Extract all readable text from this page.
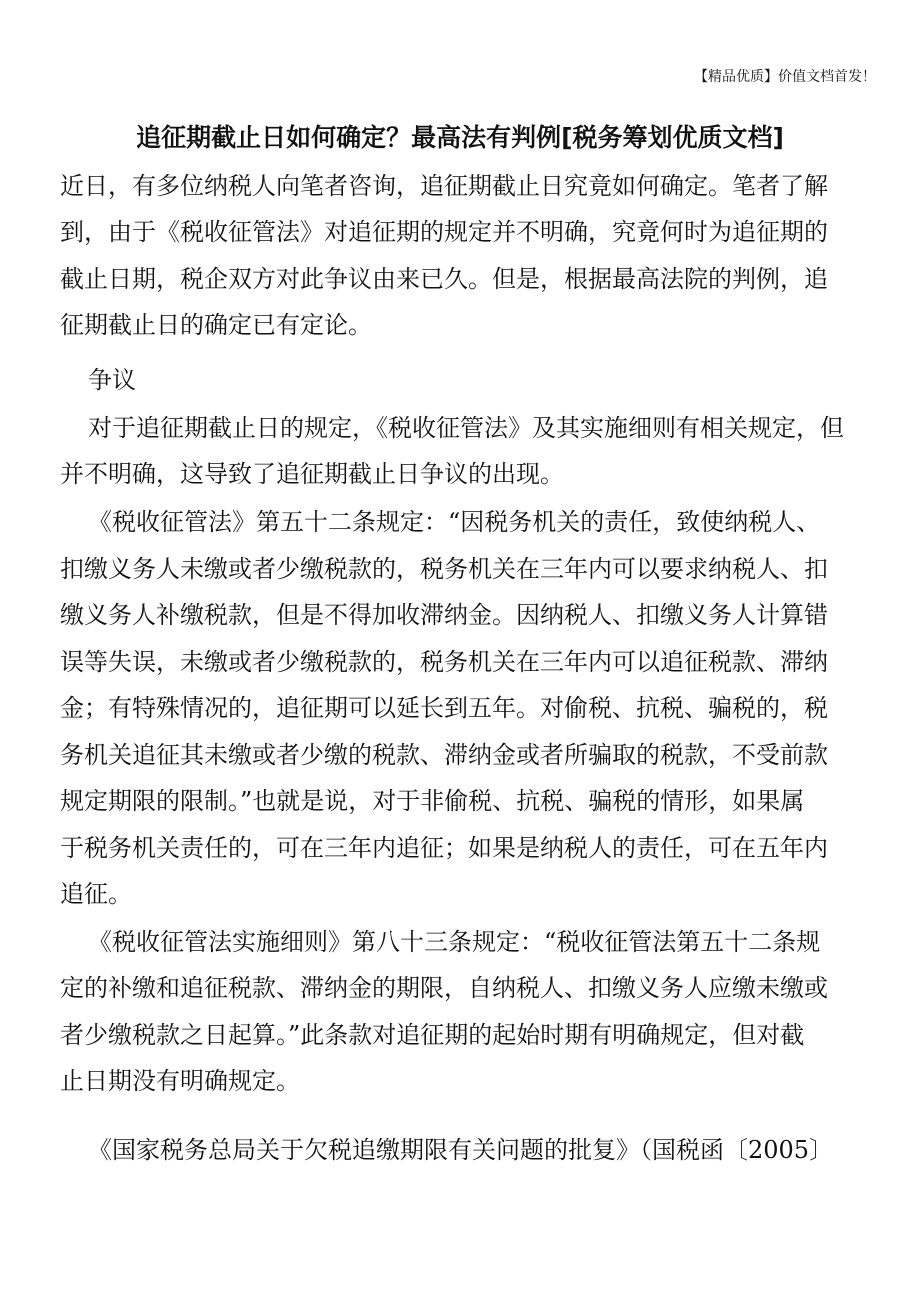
【精品优质】价值文档首发！
追征期截止日如何确定？最高法有判例[税务筹划优质文档]
近日，有多位纳税人向笔者咨询，追征期截止日究竟如何确定。笔者了解
到，由于《税收征管法》对追征期的规定并不明确，究竟何时为追征期的
截止日期，税企双方对此争议由来已久。但是，根据最高法院的判例，追
征期截止日的确定已有定论。
争议
对于追征期截止日的规定，《税收征管法》及其实施细则有相关规定，但
并不明确，这导致了追征期截止日争议的出现。
《税收征管法》第五十二条规定：“因税务机关的责任，致使纳税人、
扣缴义务人未缴或者少缴税款的，税务机关在三年内可以要求纳税人、扣
缴义务人补缴税款，但是不得加收滞纳金。因纳税人、扣缴义务人计算错
误等失误，未缴或者少缴税款的，税务机关在三年内可以追征税款、滞纳
金；有特殊情况的，追征期可以延长到五年。对偷税、抗税、骗税的，税
务机关追征其未缴或者少缴的税款、滞纳金或者所骗取的税款，不受前款
规定期限的限制。”也就是说，对于非偷税、抗税、骗税的情形，如果属
于税务机关责任的，可在三年内追征；如果是纳税人的责任，可在五年内
追征。
《税收征管法实施细则》第八十三条规定：“税收征管法第五十二条规
定的补缴和追征税款、滞纳金的期限，自纳税人、扣缴义务人应缴未缴或
者少缴税款之日起算。”此条款对追征期的起始时期有明确规定，但对截
止日期没有明确规定。
《国家税务总局关于欠税追缴期限有关问题的批复》（国税函〔2005〕
